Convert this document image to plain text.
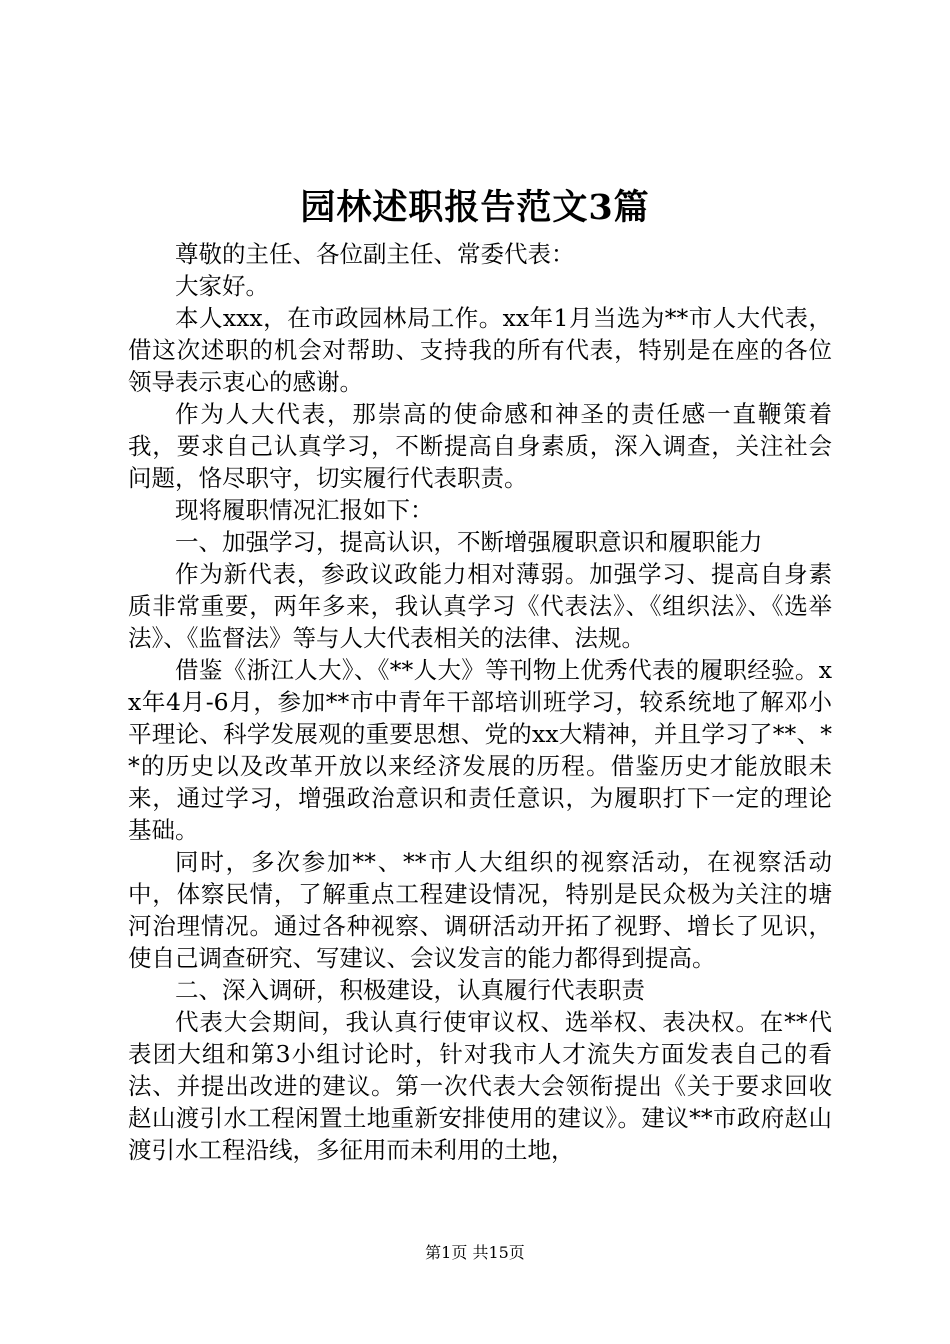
园林述职报告范文3篇

尊敬的主任、各位副主任、常委代表：

大家好。

本人xxx，在市政园林局工作。xx年1月当选为**市人大代表，借这次述职的机会对帮助、支持我的所有代表，特别是在座的各位领导表示衷心的感谢。

作为人大代表，那崇高的使命感和神圣的责任感一直鞭策着我，要求自己认真学习，不断提高自身素质，深入调查，关注社会问题，恪尽职守，切实履行代表职责。

现将履职情况汇报如下：

一、加强学习，提高认识，不断增强履职意识和履职能力

作为新代表，参政议政能力相对薄弱。加强学习、提高自身素质非常重要，两年多来，我认真学习《代表法》、《组织法》、《选举法》、《监督法》等与人大代表相关的法律、法规。

借鉴《浙江人大》、《**人大》等刊物上优秀代表的履职经验。xx年4月-6月，参加**市中青年干部培训班学习，较系统地了解邓小平理论、科学发展观的重要思想、党的xx大精神，并且学习了**、**的历史以及改革开放以来经济发展的历程。借鉴历史才能放眼未来，通过学习，增强政治意识和责任意识，为履职打下一定的理论基础。

同时，多次参加**、**市人大组织的视察活动，在视察活动中，体察民情，了解重点工程建设情况，特别是民众极为关注的塘河治理情况。通过各种视察、调研活动开拓了视野、增长了见识，使自己调查研究、写建议、会议发言的能力都得到提高。

二、深入调研，积极建设，认真履行代表职责

代表大会期间，我认真行使审议权、选举权、表决权。在**代表团大组和第3小组讨论时，针对我市人才流失方面发表自己的看法、并提出改进的建议。第一次代表大会领衔提出《关于要求回收赵山渡引水工程闲置土地重新安排使用的建议》。建议**市政府赵山渡引水工程沿线，多征用而未利用的土地，

第1页 共15页
